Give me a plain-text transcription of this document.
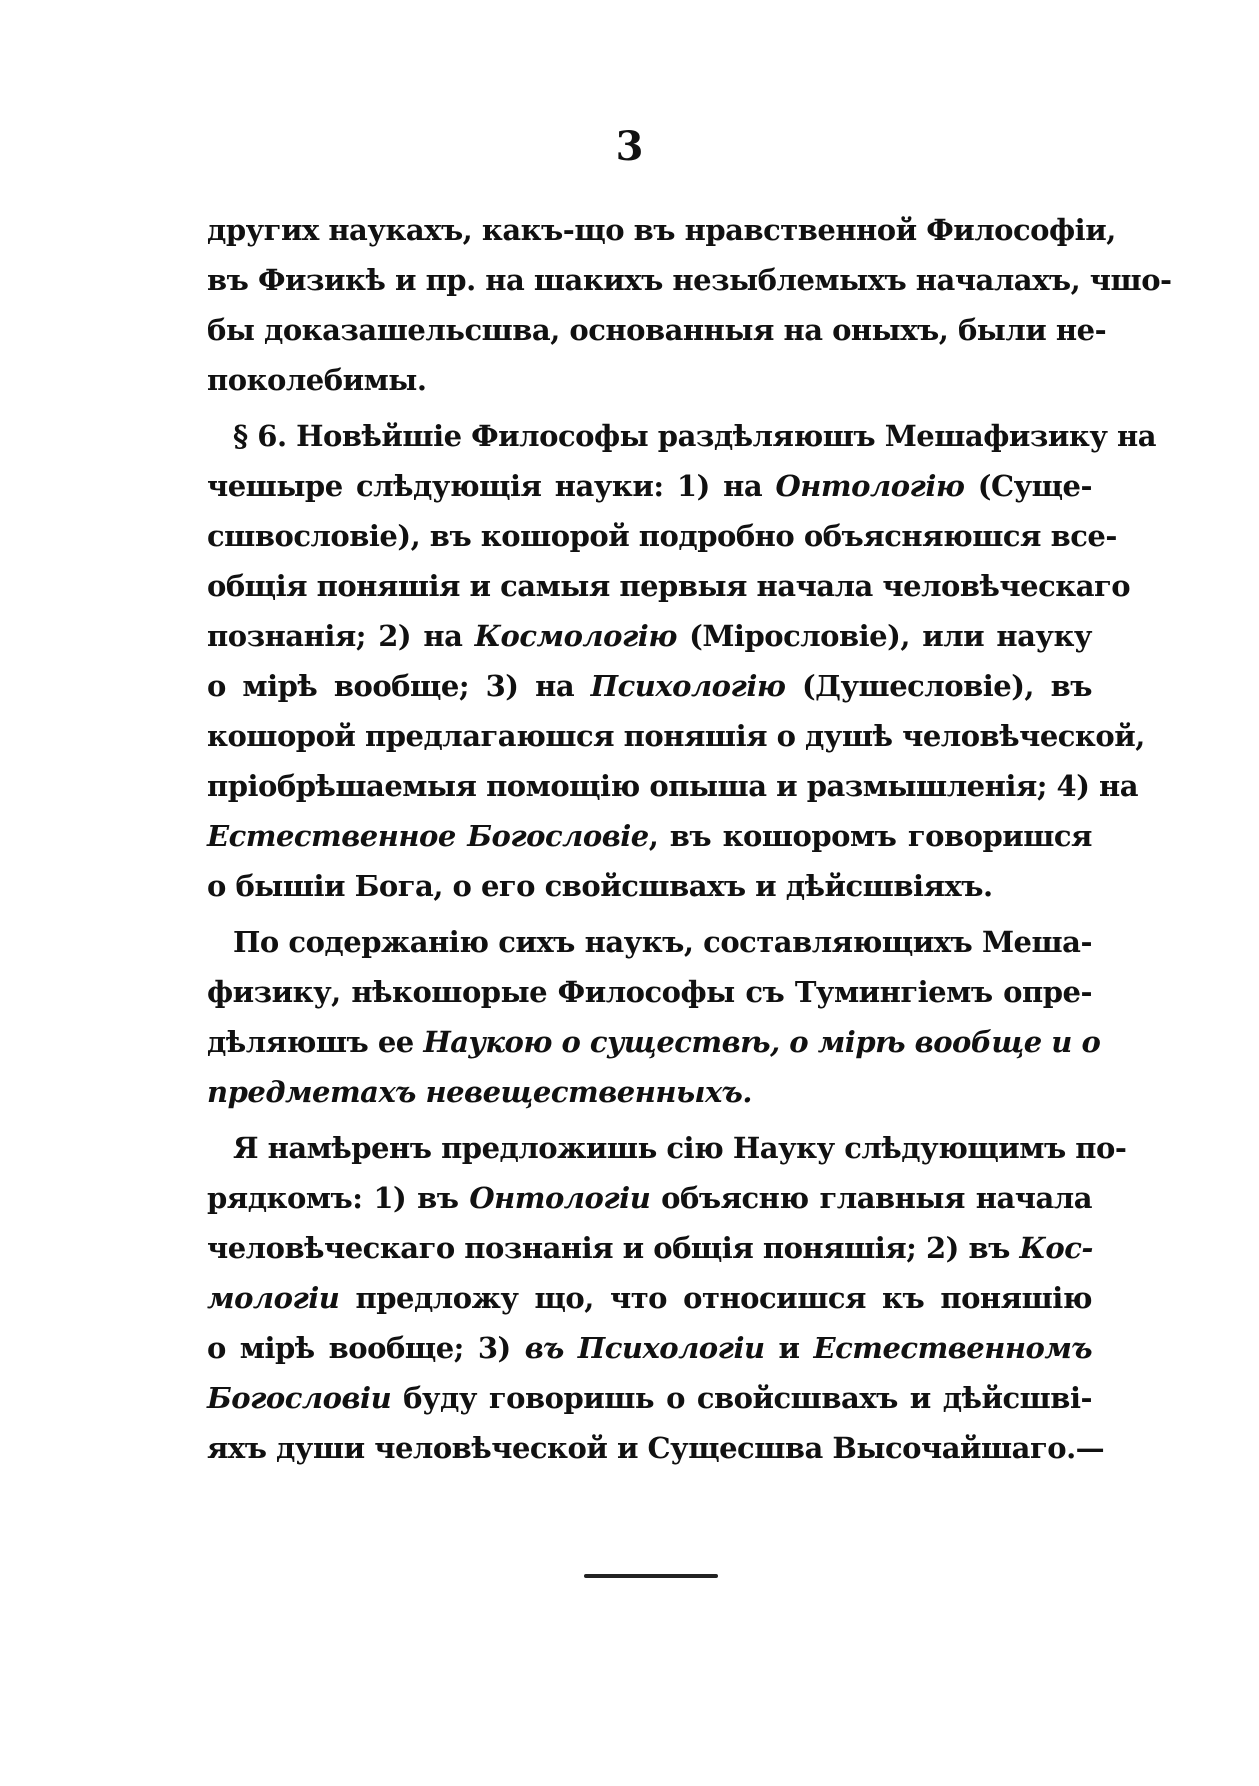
3
других наукахъ, какъ-що въ нравственной Философіи,
въ Физикѣ и пр. на шакихъ незыблемыхъ началахъ, чшо-
бы доказашельсшва, основанныя на оныхъ, были не-
поколебимы.
§ 6. Новѣйшіе Философы раздѣляюшъ Мешафизику на
чешыре слѣдующія науки: 1) на Онтологію (Суще-
сшвословіе), въ кошорой подробно объясняюшся все-
общія поняшія и самыя первыя начала человѣческаго
познанія; 2) на Космологію (Мірословіе), или науку
о мірѣ вообще; 3) на Психологію (Душесловіе), въ
кошорой предлагаюшся поняшія о душѣ человѣческой,
пріобрѣшаемыя помощію опыша и размышленія; 4) на
Естественное Богословіе, въ кошоромъ говоришся
о бышіи Бога, о его свойсшвахъ и дѣйсшвіяхъ.
По содержанію сихъ наукъ, составляющихъ Меша-
физику, нѣкошорые Философы съ Тумингіемъ опре-
дѣляюшъ ее Наукою о существѣ, о мірѣ вообще и о
предметахъ невещественныхъ.
Я намѣренъ предложишь сію Науку слѣдующимъ по-
рядкомъ: 1) въ Онтологіи объясню главныя начала
человѣческаго познанія и общія поняшія; 2) въ Кос-
мологіи предложу що, что относишся къ поняшію
о мірѣ вообще; 3) въ Психологіи и Естественномъ
Богословіи буду говоришь о свойсшвахъ и дѣйсшві-
яхъ души человѣческой и Сущесшва Высочайшаго.—
